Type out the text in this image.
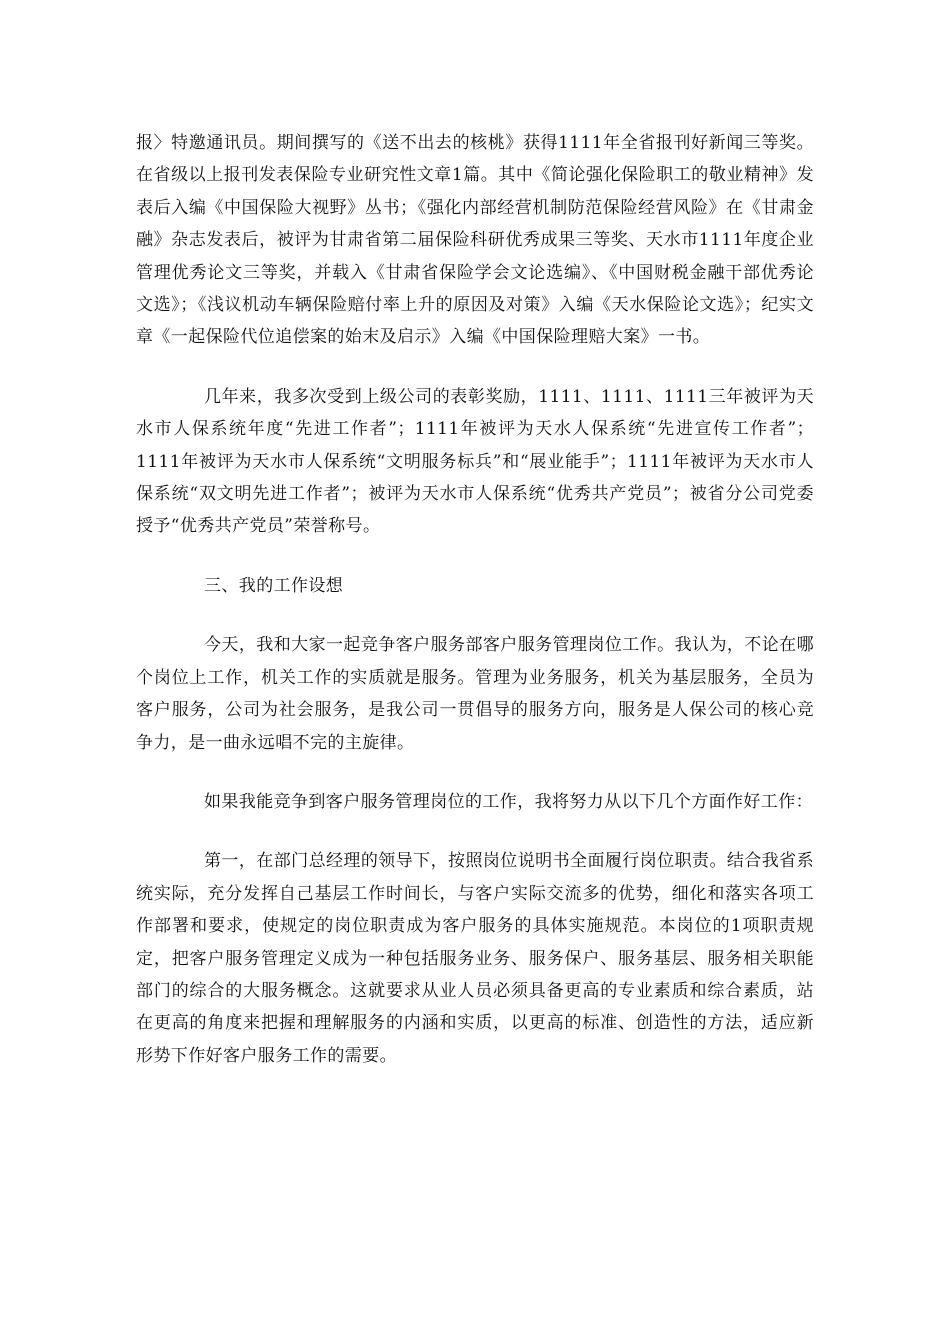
报〉特邀通讯员。期间撰写的《送不出去的核桃》获得1111年全省报刊好新闻三等奖。在省级以上报刊发表保险专业研究性文章1篇。其中《简论强化保险职工的敬业精神》发表后入编《中国保险大视野》丛书；《强化内部经营机制防范保险经营风险》在《甘肃金融》杂志发表后，被评为甘肃省第二届保险科研优秀成果三等奖、天水市1111年度企业管理优秀论文三等奖，并载入《甘肃省保险学会文论选编》、《中国财税金融干部优秀论文选》；《浅议机动车辆保险赔付率上升的原因及对策》入编《天水保险论文选》；纪实文章《一起保险代位追偿案的始末及启示》入编《中国保险理赔大案》一书。

几年来，我多次受到上级公司的表彰奖励，1111、1111、1111三年被评为天水市人保系统年度“先进工作者”；1111年被评为天水人保系统“先进宣传工作者”；1111年被评为天水市人保系统“文明服务标兵”和“展业能手”；1111年被评为天水市人保系统“双文明先进工作者”；被评为天水市人保系统“优秀共产党员”；被省分公司党委授予“优秀共产党员”荣誉称号。

三、我的工作设想

今天，我和大家一起竞争客户服务部客户服务管理岗位工作。我认为，不论在哪个岗位上工作，机关工作的实质就是服务。管理为业务服务，机关为基层服务，全员为客户服务，公司为社会服务，是我公司一贯倡导的服务方向，服务是人保公司的核心竞争力，是一曲永远唱不完的主旋律。

如果我能竞争到客户服务管理岗位的工作，我将努力从以下几个方面作好工作：

第一，在部门总经理的领导下，按照岗位说明书全面履行岗位职责。结合我省系统实际，充分发挥自己基层工作时间长，与客户实际交流多的优势，细化和落实各项工作部署和要求，使规定的岗位职责成为客户服务的具体实施规范。本岗位的1项职责规定，把客户服务管理定义成为一种包括服务业务、服务保户、服务基层、服务相关职能部门的综合的大服务概念。这就要求从业人员必须具备更高的专业素质和综合素质，站在更高的角度来把握和理解服务的内涵和实质，以更高的标准、创造性的方法，适应新形势下作好客户服务工作的需要。
